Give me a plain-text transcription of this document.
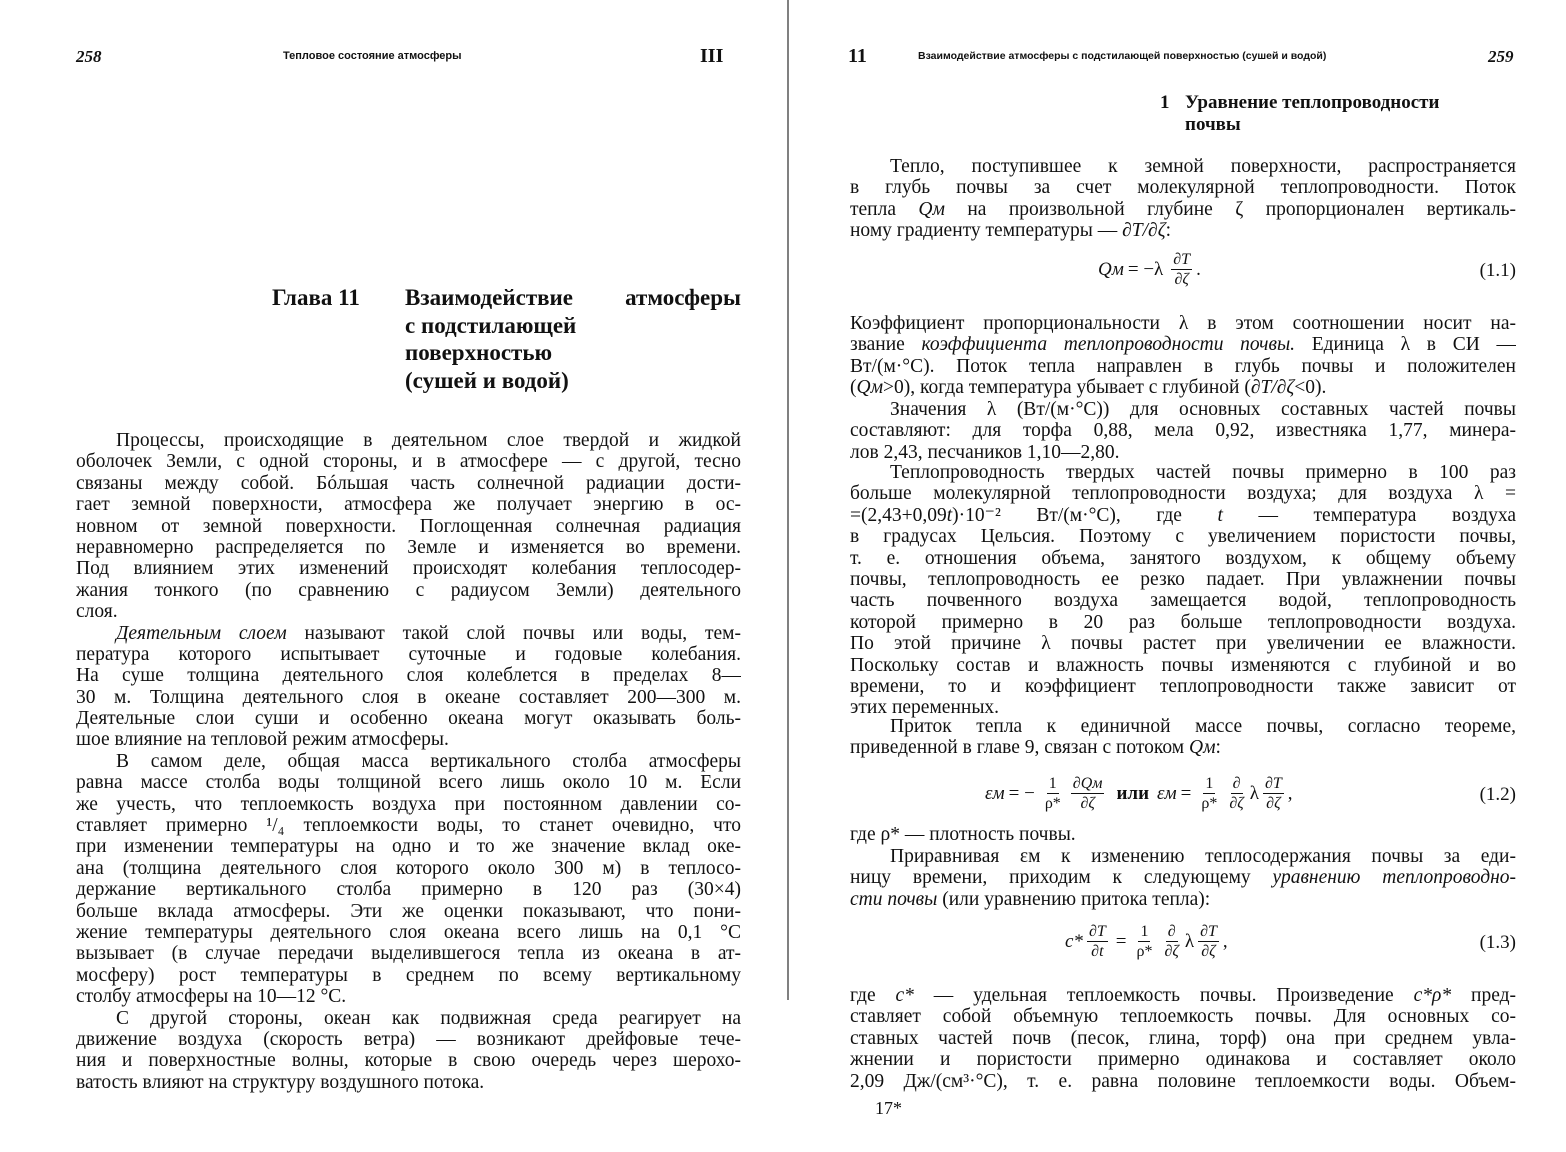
258	Тепловое состояние атмосферы	III
Глава 11 Взаимодействие атмосферы
с подстилающей
поверхностью
(сушей и водой)
Процессы, происходящие в деятельном слое твердой и жидкой
оболочек Земли, с одной стороны, и в атмосфере — с другой, тесно
связаны между собой. Бóльшая часть солнечной радиации дости-
гает земной поверхности, атмосфера же получает энергию в ос-
новном от земной поверхности. Поглощенная солнечная радиация
неравномерно распределяется по Земле и изменяется во времени.
Под влиянием этих изменений происходят колебания теплосодер-
жания тонкого (по сравнению с радиусом Земли) деятельного
слоя.
Деятельным слоем называют такой слой почвы или воды, тем-
пература которого испытывает суточные и годовые колебания.
На суше толщина деятельного слоя колеблется в пределах 8—
30 м. Толщина деятельного слоя в океане составляет 200—300 м.
Деятельные слои суши и особенно океана могут оказывать боль-
шое влияние на тепловой режим атмосферы.
В самом деле, общая масса вертикального столба атмосферы
равна массе столба воды толщиной всего лишь около 10 м. Если
же учесть, что теплоемкость воздуха при постоянном давлении со-
ставляет примерно ¹/₄ теплоемкости воды, то станет очевидно, что
при изменении температуры на одно и то же значение вклад оке-
ана (толщина деятельного слоя которого около 300 м) в теплосо-
держание вертикального столба примерно в 120 раз (30×4)
больше вклада атмосферы. Эти же оценки показывают, что пони-
жение температуры деятельного слоя океана всего лишь на 0,1 °С
вызывает (в случае передачи выделившегося тепла из океана в ат-
мосферу) рост температуры в среднем по всему вертикальному
столбу атмосферы на 10—12 °С.
С другой стороны, океан как подвижная среда реагирует на
движение воздуха (скорость ветра) — возникают дрейфовые тече-
ния и поверхностные волны, которые в свою очередь через шерохо-
ватость влияют на структуру воздушного потока.
11	Взаимодействие атмосферы с подстилающей поверхностью (сушей и водой)	259
1 Уравнение теплопроводности
почвы
Тепло, поступившее к земной поверхности, распространяется
в глубь почвы за счет молекулярной теплопроводности. Поток
тепла Qм на произвольной глубине ζ пропорционален вертикаль-
ному градиенту температуры — ∂T/∂ζ:
Qм = $-\lambda \frac{\partial T}{\partial\zeta}$ .	(1.1)
Коэффициент пропорциональности λ в этом соотношении носит на-
звание коэффициента теплопроводности почвы. Единица λ в СИ —
Вт/(м·°С). Поток тепла направлен в глубь почвы и положителен
(Qм>0), когда температура убывает с глубиной (∂T/∂ζ<0).
Значения λ (Вт/(м·°С)) для основных составных частей почвы
составляют: для торфа 0,88, мела 0,92, известняка 1,77, минера-
лов 2,43, песчаников 1,10—2,80.
Теплопроводность твердых частей почвы примерно в 100 раз
больше молекулярной теплопроводности воздуха; для воздуха λ =
=(2,43+0,09t)·10⁻² Вт/(м·°С), где t — температура воздуха
в градусах Цельсия. Поэтому с увеличением пористости почвы,
т. е. отношения объема, занятого воздухом, к общему объему
почвы, теплопроводность ее резко падает. При увлажнении почвы
часть почвенного воздуха замещается водой, теплопроводность
которой примерно в 20 раз больше теплопроводности воздуха.
По этой причине λ почвы растет при увеличении ее влажности.
Поскольку состав и влажность почвы изменяются с глубиной и во
времени, то и коэффициент теплопроводности также зависит от
этих переменных.
Приток тепла к единичной массе почвы, согласно теореме,
приведенной в главе 9, связан с потоком Qм:
εм = − $\frac{1}{\rho*} \frac{\partial Qм}{\partial\zeta}$ или $\varepsilon м = \frac{1}{\rho*} \frac{\partial}{\partial\zeta}$ λ $\frac{\partial T}{\partial\zeta}$ ,	(1.2)
где ρ* — плотность почвы.
Приравнивая εм к изменению теплосодержания почвы за еди-
ницу времени, приходим к следующему уравнению теплопроводно-
сти почвы (или уравнению притока тепла):
$c* \frac{\partial T}{\partial t} = \frac{1}{\rho*} \frac{\partial}{\partial\zeta}$ λ $\frac{\partial T}{\partial\zeta}$ ,	(1.3)
где c* — удельная теплоемкость почвы. Произведение c*ρ* пред-
ставляет собой объемную теплоемкость почвы. Для основных со-
ставных частей почв (песок, глина, торф) она при среднем увла-
жнении и пористости примерно одинакова и составляет около
2,09 Дж/(см³·°С), т. е. равна половине теплоемкости воды. Объем-
17*
